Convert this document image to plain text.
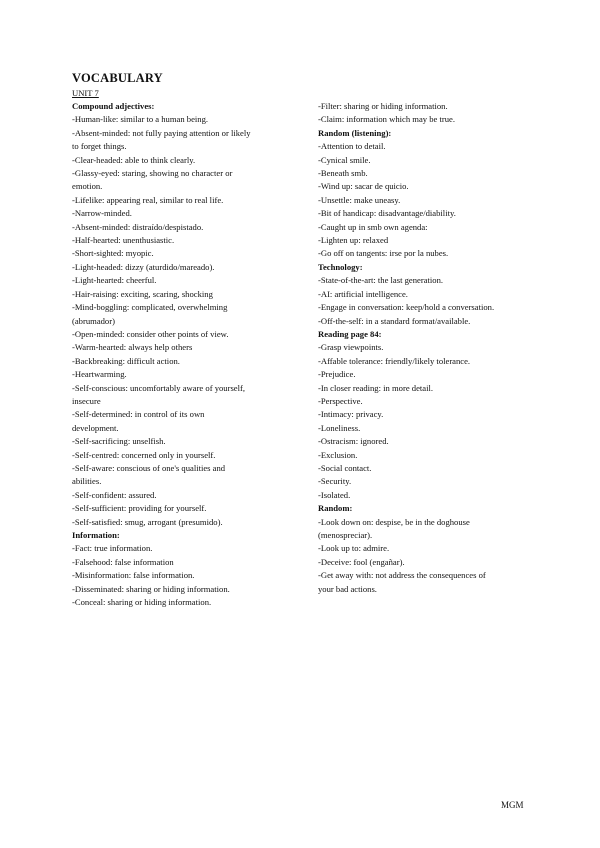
VOCABULARY
UNIT 7
Compound adjectives:
-Human-like: similar to a human being.
-Absent-minded: not fully paying attention or likely
to forget things.
-Clear-headed: able to think clearly.
-Glassy-eyed: staring, showing no character or
emotion.
-Lifelike: appearing real, similar to real life.
-Narrow-minded.
-Absent-minded: distraído/despistado.
-Half-hearted: unenthusiastic.
-Short-sighted: myopic.
-Light-headed: dizzy (aturdido/mareado).
-Light-hearted: cheerful.
-Hair-raising: exciting, scaring, shocking
-Mind-boggling: complicated, overwhelming
(abrumador)
-Open-minded: consider other points of view.
-Warm-hearted: always help others
-Backbreaking: difficult action.
-Heartwarming.
-Self-conscious: uncomfortably aware of yourself,
insecure
-Self-determined: in control of its own
development.
-Self-sacrificing: unselfish.
-Self-centred: concerned only in yourself.
-Self-aware: conscious of one's qualities and
abilities.
-Self-confident: assured.
-Self-sufficient: providing for yourself.
-Self-satisfied: smug, arrogant (presumido).
Information:
-Fact: true information.
-Falsehood: false information
-Misinformation: false information.
-Disseminated: sharing or hiding information.
-Conceal: sharing or hiding information.
-Filter: sharing or hiding information.
-Claim: information which may be true.
Random (listening):
-Attention to detail.
-Cynical smile.
-Beneath smb.
-Wind up: sacar de quicio.
-Unsettle: make uneasy.
-Bit of handicap: disadvantage/diability.
-Caught up in smb own agenda:
-Lighten up: relaxed
-Go off on tangents: irse por la nubes.
Technology:
-State-of-the-art: the last generation.
-AI: artificial intelligence.
-Engage in conversation: keep/hold a conversation.
-Off-the-self: in a standard format/available.
Reading page 84:
-Grasp viewpoints.
-Affable tolerance: friendly/likely tolerance.
-Prejudice.
-In closer reading: in more detail.
-Perspective.
-Intimacy: privacy.
-Loneliness.
-Ostracism: ignored.
-Exclusion.
-Social contact.
-Security.
-Isolated.
Random:
-Look down on: despise, be in the doghouse
(menospreciar).
-Look up to: admire.
-Deceive: fool (engañar).
-Get away with: not address the consequences of
your bad actions.
MGM
